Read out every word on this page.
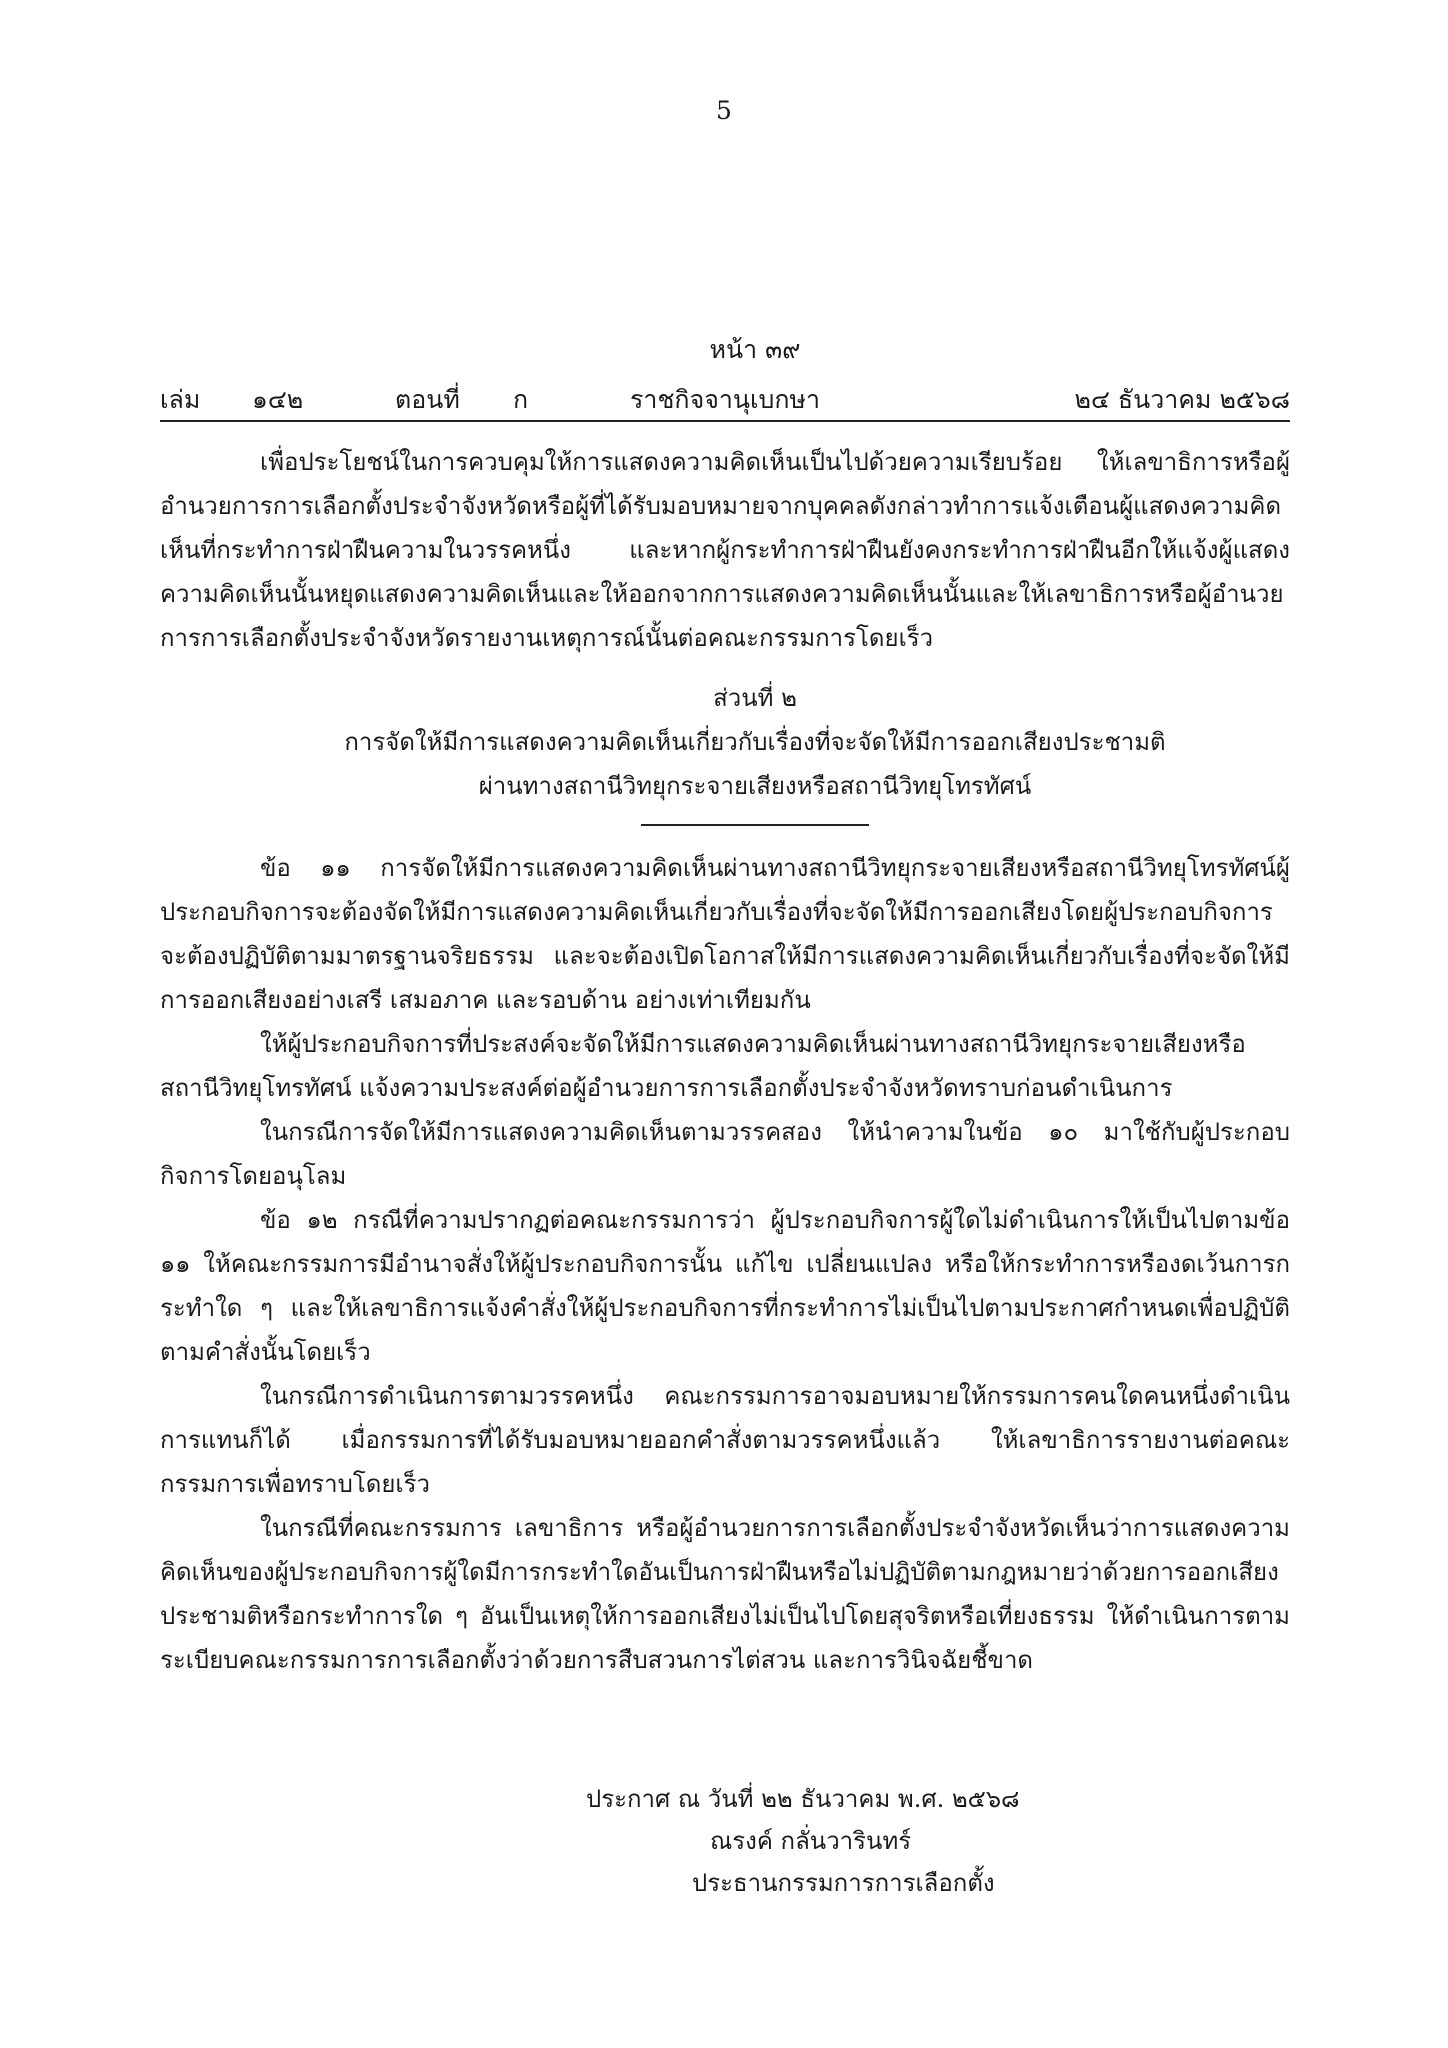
5
หน้า ๓๙
เล่ม ๑๔๒	ตอนที่ ก	ราชกิจจานุเบกษา	๒๔ ธันวาคม ๒๕๖๘

เพื่อประโยชน์ในการควบคุมให้การแสดงความคิดเห็นเป็นไปด้วยความเรียบร้อย ให้เลขาธิการหรือผู้อำนวยการการเลือกตั้งประจำจังหวัดหรือผู้ที่ได้รับมอบหมายจากบุคคลดังกล่าวทำการแจ้งเตือนผู้แสดงความคิดเห็นที่กระทำการฝ่าฝืนความในวรรคหนึ่ง และหากผู้กระทำการฝ่าฝืนยังคงกระทำการฝ่าฝืนอีกให้แจ้งผู้แสดงความคิดเห็นนั้นหยุดแสดงความคิดเห็นและให้ออกจากการแสดงความคิดเห็นนั้นและให้เลขาธิการหรือผู้อำนวยการการเลือกตั้งประจำจังหวัดรายงานเหตุการณ์นั้นต่อคณะกรรมการโดยเร็ว

ส่วนที่ ๒
การจัดให้มีการแสดงความคิดเห็นเกี่ยวกับเรื่องที่จะจัดให้มีการออกเสียงประชามติ
ผ่านทางสถานีวิทยุกระจายเสียงหรือสถานีวิทยุโทรทัศน์

ข้อ ๑๑ การจัดให้มีการแสดงความคิดเห็นผ่านทางสถานีวิทยุกระจายเสียงหรือสถานีวิทยุโทรทัศน์ผู้ประกอบกิจการจะต้องจัดให้มีการแสดงความคิดเห็นเกี่ยวกับเรื่องที่จะจัดให้มีการออกเสียงโดยผู้ประกอบกิจการจะต้องปฏิบัติตามมาตรฐานจริยธรรม และจะต้องเปิดโอกาสให้มีการแสดงความคิดเห็นเกี่ยวกับเรื่องที่จะจัดให้มีการออกเสียงอย่างเสรี เสมอภาค และรอบด้าน อย่างเท่าเทียมกัน

ให้ผู้ประกอบกิจการที่ประสงค์จะจัดให้มีการแสดงความคิดเห็นผ่านทางสถานีวิทยุกระจายเสียงหรือสถานีวิทยุโทรทัศน์ แจ้งความประสงค์ต่อผู้อำนวยการการเลือกตั้งประจำจังหวัดทราบก่อนดำเนินการ

ในกรณีการจัดให้มีการแสดงความคิดเห็นตามวรรคสอง ให้นำความในข้อ ๑๐ มาใช้กับผู้ประกอบกิจการโดยอนุโลม

ข้อ ๑๒ กรณีที่ความปรากฏต่อคณะกรรมการว่า ผู้ประกอบกิจการผู้ใดไม่ดำเนินการให้เป็นไปตามข้อ ๑๑ ให้คณะกรรมการมีอำนาจสั่งให้ผู้ประกอบกิจการนั้น แก้ไข เปลี่ยนแปลง หรือให้กระทำการหรืองดเว้นการกระทำใด ๆ และให้เลขาธิการแจ้งคำสั่งให้ผู้ประกอบกิจการที่กระทำการไม่เป็นไปตามประกาศกำหนดเพื่อปฏิบัติตามคำสั่งนั้นโดยเร็ว

ในกรณีการดำเนินการตามวรรคหนึ่ง คณะกรรมการอาจมอบหมายให้กรรมการคนใดคนหนึ่งดำเนินการแทนก็ได้ เมื่อกรรมการที่ได้รับมอบหมายออกคำสั่งตามวรรคหนึ่งแล้ว ให้เลขาธิการรายงานต่อคณะกรรมการเพื่อทราบโดยเร็ว

ในกรณีที่คณะกรรมการ เลขาธิการ หรือผู้อำนวยการการเลือกตั้งประจำจังหวัดเห็นว่าการแสดงความคิดเห็นของผู้ประกอบกิจการผู้ใดมีการกระทำใดอันเป็นการฝ่าฝืนหรือไม่ปฏิบัติตามกฎหมายว่าด้วยการออกเสียงประชามติหรือกระทำการใด ๆ อันเป็นเหตุให้การออกเสียงไม่เป็นไปโดยสุจริตหรือเที่ยงธรรม ให้ดำเนินการตามระเบียบคณะกรรมการการเลือกตั้งว่าด้วยการสืบสวนการไต่สวน และการวินิจฉัยชี้ขาด

ประกาศ ณ วันที่ ๒๒ ธันวาคม พ.ศ. ๒๕๖๘
ณรงค์ กลั่นวารินทร์
ประธานกรรมการการเลือกตั้ง
